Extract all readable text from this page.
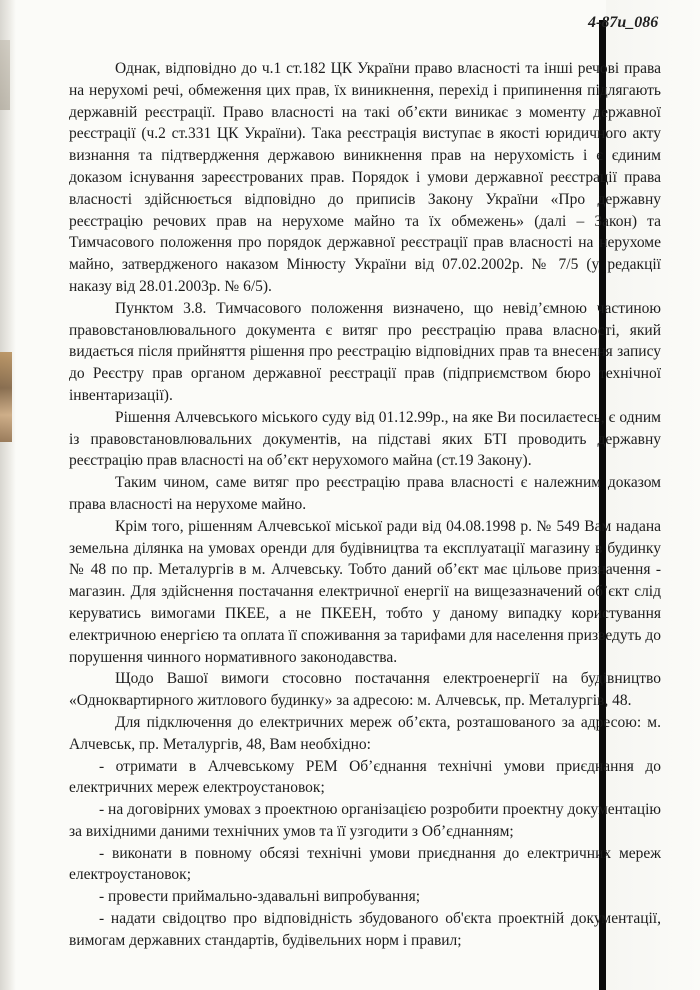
4-87и_086

Однак, відповідно до ч.1 ст.182 ЦК України право власності та інші речові права на нерухомі речі, обмеження цих прав, їх виникнення, перехід і припинення підлягають державній реєстрації. Право власності на такі об’єкти виникає з моменту державної реєстрації (ч.2 ст.331 ЦК України). Така реєстрація виступає в якості юридичного акту визнання та підтвердження державою виникнення прав на нерухомість і є єдиним доказом існування зареєстрованих прав. Порядок і умови державної реєстрації права власності здійснюється відповідно до приписів Закону України «Про державну реєстрацію речових прав на нерухоме майно та їх обмежень» (далі – Закон) та Тимчасового положення про порядок державної реєстрації прав власності на нерухоме майно, затвердженого наказом Мінюсту України від 07.02.2002р. № 7/5 (у редакції наказу від 28.01.2003р. № 6/5).

Пунктом 3.8. Тимчасового положення визначено, що невід’ємною частиною правовстановлювального документа є витяг про реєстрацію права власності, який видається після прийняття рішення про реєстрацію відповідних прав та внесення запису до Реєстру прав органом державної реєстрації прав (підприємством бюро технічної інвентаризації).

Рішення Алчевського міського суду від 01.12.99р., на яке Ви посилаєтесь, є одним із правовстановлювальних документів, на підставі яких БТІ проводить державну реєстрацію прав власності на об’єкт нерухомого майна (ст.19 Закону).

Таким чином, саме витяг про реєстрацію права власності є належним доказом права власності на нерухоме майно.

Крім того, рішенням Алчевської міської ради від 04.08.1998 р. № 549 Вам надана земельна ділянка на умовах оренди для будівництва та експлуатації магазину в будинку № 48 по пр. Металургів в м. Алчевську. Тобто даний об’єкт має цільове призначення - магазин. Для здійснення постачання електричної енергії на вищезазначений об’єкт слід керуватись вимогами ПКЕЕ, а не ПКЕЕН, тобто у даному випадку користування електричною енергією та оплата її споживання за тарифами для населення призведуть до порушення чинного нормативного законодавства.

Щодо Вашої вимоги стосовно постачання електроенергії на будівництво «Одноквартирного житлового будинку» за адресою: м. Алчевськ, пр. Металургів, 48.

Для підключення до електричних мереж об’єкта, розташованого за адресою: м. Алчевськ, пр. Металургів, 48, Вам необхідно:

- отримати в Алчевському РЕМ Об’єднання технічні умови приєднання до електричних мереж електроустановок;

- на договірних умовах з проектною організацією розробити проектну документацію за вихідними даними технічних умов та її узгодити з Об’єднанням;

- виконати в повному обсязі технічні умови приєднання до електричних мереж електроустановок;

- провести приймально-здавальні випробування;

- надати свідоцтво про відповідність збудованого об'єкта проектній документації, вимогам державних стандартів, будівельних норм і правил;
